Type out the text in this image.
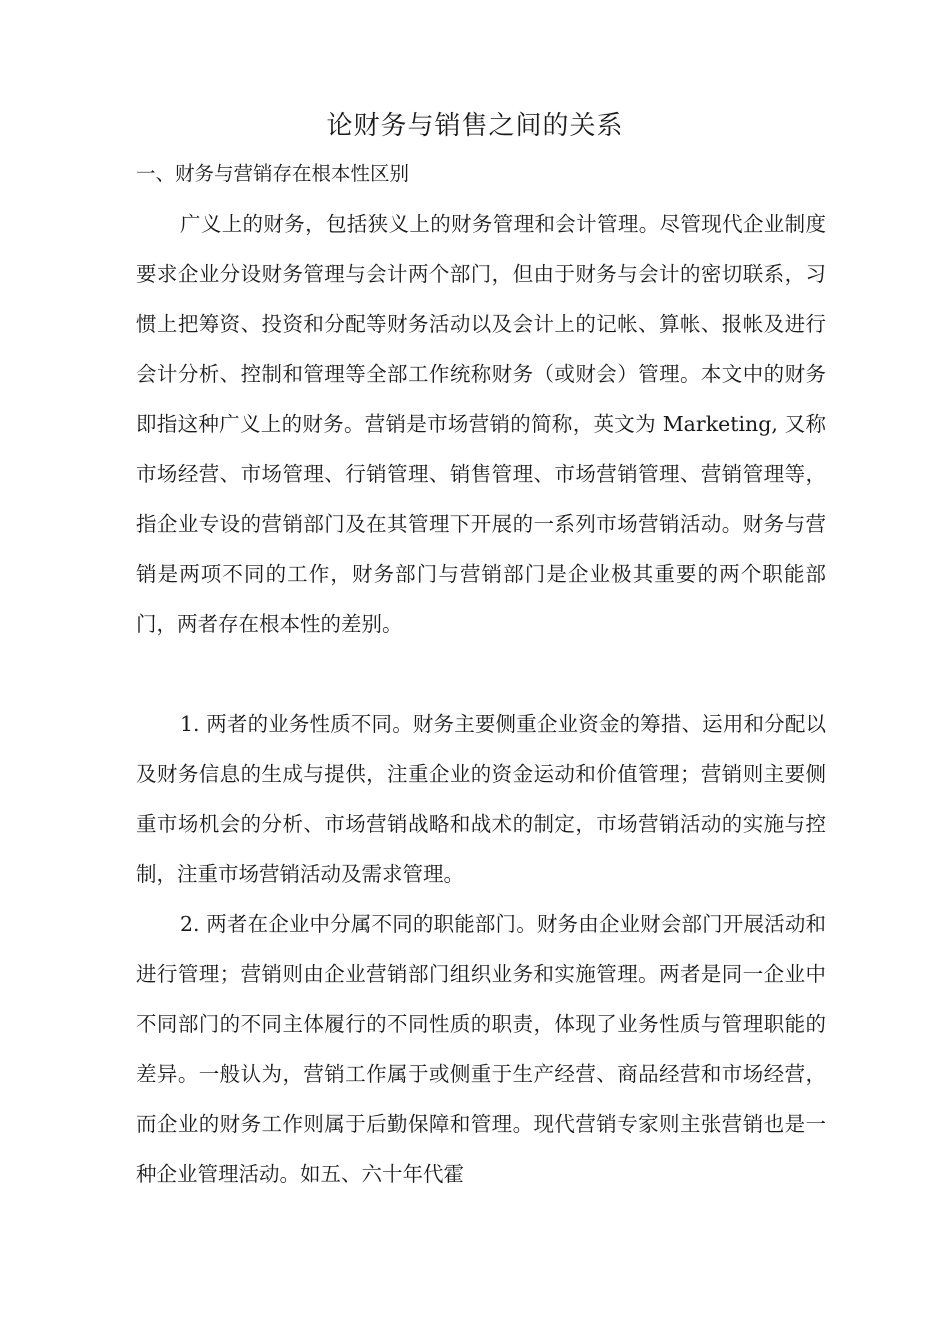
论财务与销售之间的关系
一、财务与营销存在根本性区别

广义上的财务，包括狭义上的财务管理和会计管理。尽管现代企业制度要求企业分设财务管理与会计两个部门，但由于财务与会计的密切联系，习惯上把筹资、投资和分配等财务活动以及会计上的记帐、算帐、报帐及进行会计分析、控制和管理等全部工作统称财务（或财会）管理。本文中的财务即指这种广义上的财务。营销是市场营销的简称，英文为 Marketing, 又称市场经营、市场管理、行销管理、销售管理、市场营销管理、营销管理等，指企业专设的营销部门及在其管理下开展的一系列市场营销活动。财务与营销是两项不同的工作，财务部门与营销部门是企业极其重要的两个职能部门，两者存在根本性的差别。

1. 两者的业务性质不同。财务主要侧重企业资金的筹措、运用和分配以及财务信息的生成与提供，注重企业的资金运动和价值管理；营销则主要侧重市场机会的分析、市场营销战略和战术的制定，市场营销活动的实施与控制，注重市场营销活动及需求管理。

2. 两者在企业中分属不同的职能部门。财务由企业财会部门开展活动和进行管理；营销则由企业营销部门组织业务和实施管理。两者是同一企业中不同部门的不同主体履行的不同性质的职责，体现了业务性质与管理职能的差异。一般认为，营销工作属于或侧重于生产经营、商品经营和市场经营，而企业的财务工作则属于后勤保障和管理。现代营销专家则主张营销也是一种企业管理活动。如五、六十年代霍
